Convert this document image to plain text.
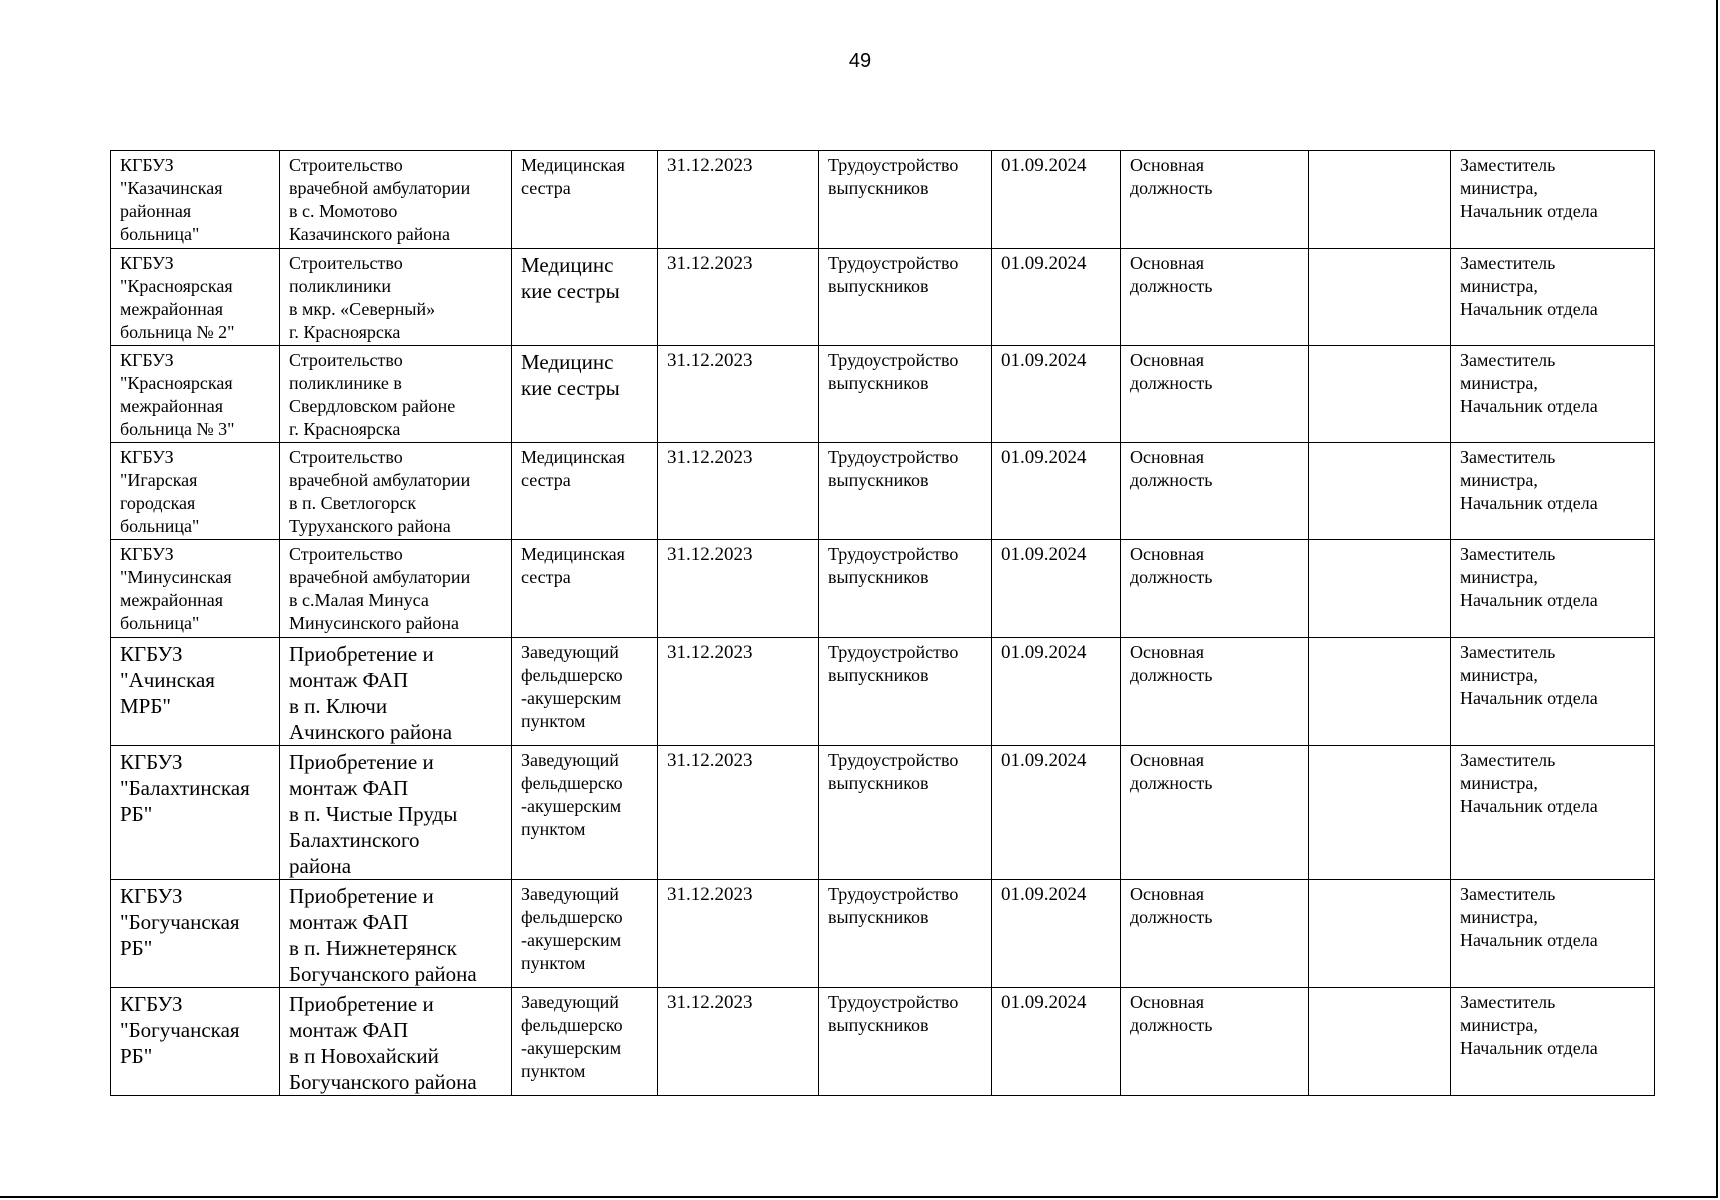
49
КГБУЗ
"Казачинская
районная
больница"	Строительство
врачебной амбулатории
в с. Момотово
Казачинского района	Медицинская
сестра	31.12.2023	Трудоустройство
выпускников	01.09.2024	Основная
должность		Заместитель
министра,
Начальник отдела

КГБУЗ
"Красноярская
межрайонная
больница № 2"	Строительство
поликлиники
в мкр. «Северный»
г. Красноярска	Медицинс
кие сестры	31.12.2023	Трудоустройство
выпускников	01.09.2024	Основная
должность		Заместитель
министра,
Начальник отдела

КГБУЗ
"Красноярская
межрайонная
больница № 3"	Строительство
поликлинике в
Свердловском районе
г. Красноярска	Медицинс
кие сестры	31.12.2023	Трудоустройство
выпускников	01.09.2024	Основная
должность		Заместитель
министра,
Начальник отдела

КГБУЗ
"Игарская
городская
больница"	Строительство
врачебной амбулатории
в п. Светлогорск
Туруханского района	Медицинская
сестра	31.12.2023	Трудоустройство
выпускников	01.09.2024	Основная
должность		Заместитель
министра,
Начальник отдела

КГБУЗ
"Минусинская
межрайонная
больница"	Строительство
врачебной амбулатории
в с.Малая Минуса
Минусинского района	Медицинская
сестра	31.12.2023	Трудоустройство
выпускников	01.09.2024	Основная
должность		Заместитель
министра,
Начальник отдела

КГБУЗ
"Ачинская
МРБ"	Приобретение и
монтаж ФАП
в п. Ключи
Ачинского района	Заведующий
фельдшерско
-акушерским
пунктом	31.12.2023	Трудоустройство
выпускников	01.09.2024	Основная
должность		Заместитель
министра,
Начальник отдела

КГБУЗ
"Балахтинская
РБ"	Приобретение и
монтаж ФАП
в п. Чистые Пруды
Балахтинского
района	Заведующий
фельдшерско
-акушерским
пунктом	31.12.2023	Трудоустройство
выпускников	01.09.2024	Основная
должность		Заместитель
министра,
Начальник отдела

КГБУЗ
"Богучанская
РБ"	Приобретение и
монтаж ФАП
в п. Нижнетерянск
Богучанского района	Заведующий
фельдшерско
-акушерским
пунктом	31.12.2023	Трудоустройство
выпускников	01.09.2024	Основная
должность		Заместитель
министра,
Начальник отдела

КГБУЗ
"Богучанская
РБ"	Приобретение и
монтаж ФАП
в п Новохайский
Богучанского района	Заведующий
фельдшерско
-акушерским
пунктом	31.12.2023	Трудоустройство
выпускников	01.09.2024	Основная
должность		Заместитель
министра,
Начальник отдела
